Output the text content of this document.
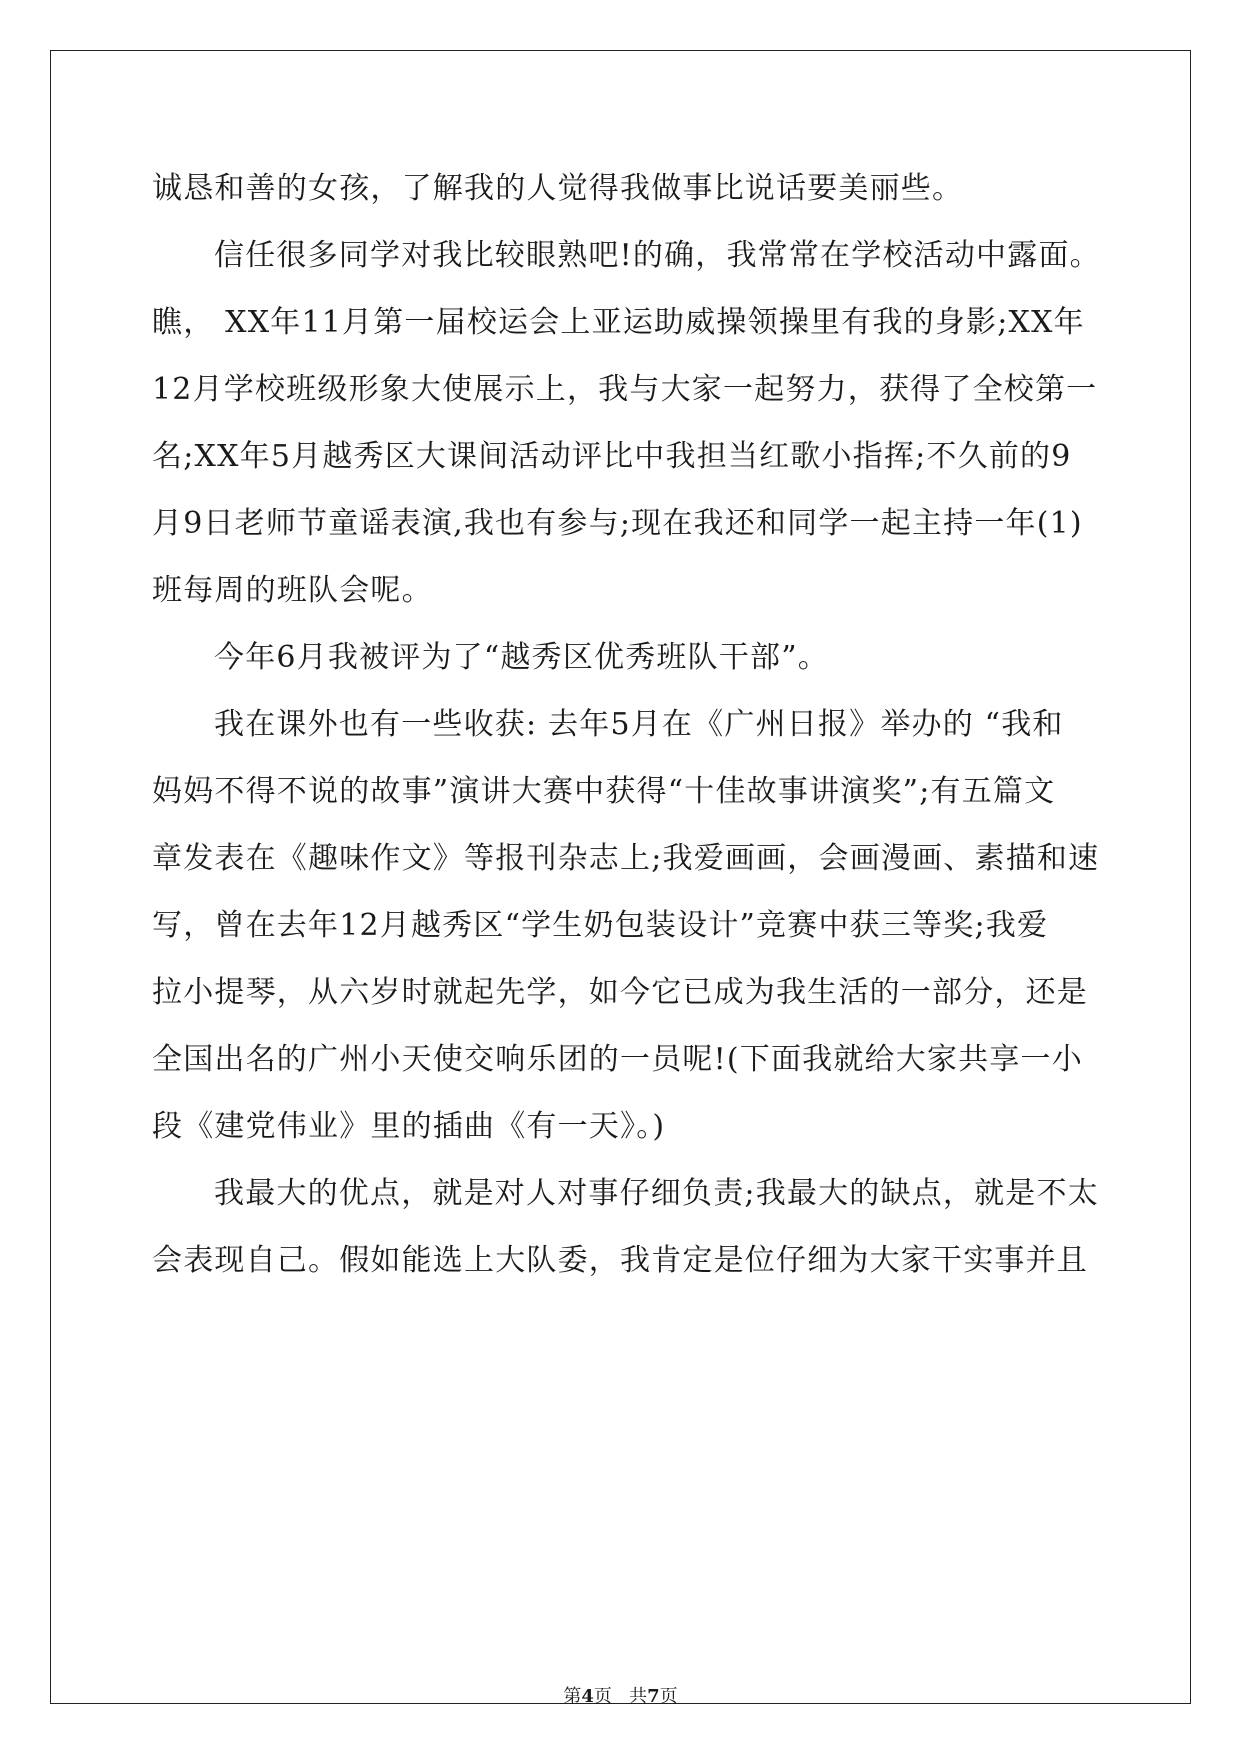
诚恳和善的女孩，了解我的人觉得我做事比说话要美丽些。
信任很多同学对我比较眼熟吧!的确，我常常在学校活动中露面。
瞧， XX年11月第一届校运会上亚运助威操领操里有我的身影;XX年
12月学校班级形象大使展示上，我与大家一起努力，获得了全校第一
名;XX年5月越秀区大课间活动评比中我担当红歌小指挥;不久前的9
月9日老师节童谣表演,我也有参与;现在我还和同学一起主持一年(1)
班每周的班队会呢。
今年6月我被评为了“越秀区优秀班队干部”。
我在课外也有一些收获: 去年5月在《广州日报》举办的 “我和
妈妈不得不说的故事”演讲大赛中获得“十佳故事讲演奖”;有五篇文
章发表在《趣味作文》等报刊杂志上;我爱画画，会画漫画、素描和速
写，曾在去年12月越秀区“学生奶包装设计”竞赛中获三等奖;我爱
拉小提琴，从六岁时就起先学，如今它已成为我生活的一部分，还是
全国出名的广州小天使交响乐团的一员呢!(下面我就给大家共享一小
段《建党伟业》里的插曲《有一天》。)
我最大的优点，就是对人对事仔细负责;我最大的缺点，就是不太
会表现自己。假如能选上大队委，我肯定是位仔细为大家干实事并且
第4页 共7页
